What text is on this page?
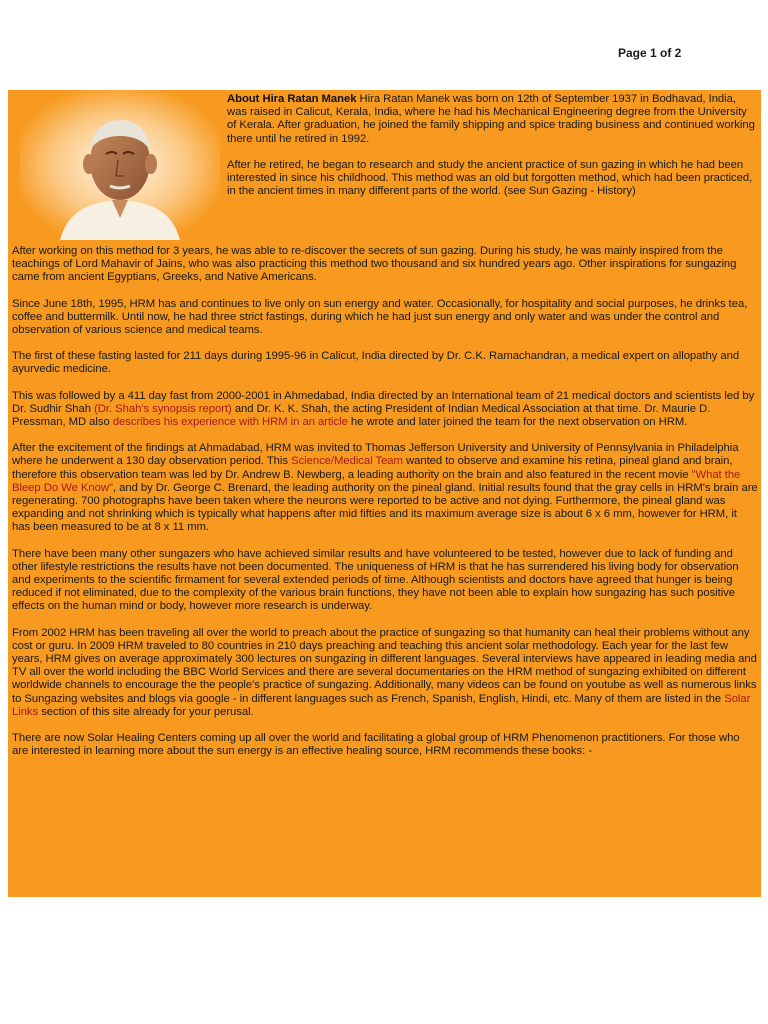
Page 1 of 2

About Hira Ratan Manek Hira Ratan Manek was born on 12th of September 1937 in Bodhavad, India, was raised in Calicut, Kerala, India, where he had his Mechanical Engineering degree from the University of Kerala. After graduation, he joined the family shipping and spice trading business and continued working there until he retired in 1992.

After he retired, he began to research and study the ancient practice of sun gazing in which he had been interested in since his childhood. This method was an old but forgotten method, which had been practiced, in the ancient times in many different parts of the world. (see Sun Gazing - History)

After working on this method for 3 years, he was able to re-discover the secrets of sun gazing. During his study, he was mainly inspired from the teachings of Lord Mahavir of Jains, who was also practicing this method two thousand and six hundred years ago. Other inspirations for sungazing came from ancient Egyptians, Greeks, and Native Americans.

Since June 18th, 1995, HRM has and continues to live only on sun energy and water. Occasionally, for hospitality and social purposes, he drinks tea, coffee and buttermilk. Until now, he had three strict fastings, during which he had just sun energy and only water and was under the control and observation of various science and medical teams.

The first of these fasting lasted for 211 days during 1995-96 in Calicut, India directed by Dr. C.K. Ramachandran, a medical expert on allopathy and ayurvedic medicine.

This was followed by a 411 day fast from 2000-2001 in Ahmedabad, India directed by an International team of 21 medical doctors and scientists led by Dr. Sudhir Shah (Dr. Shah's synopsis report) and Dr. K. K. Shah, the acting President of Indian Medical Association at that time. Dr. Maurie D. Pressman, MD also describes his experience with HRM in an article he wrote and later joined the team for the next observation on HRM.

After the excitement of the findings at Ahmadabad, HRM was invited to Thomas Jefferson University and University of Pennsylvania in Philadelphia where he underwent a 130 day observation period. This Science/Medical Team wanted to observe and examine his retina, pineal gland and brain, therefore this observation team was led by Dr. Andrew B. Newberg, a leading authority on the brain and also featured in the recent movie "What the Bleep Do We Know", and by Dr. George C. Brenard, the leading authority on the pineal gland. Initial results found that the gray cells in HRM's brain are regenerating. 700 photographs have been taken where the neurons were reported to be active and not dying. Furthermore, the pineal gland was expanding and not shrinking which is typically what happens after mid fifties and its maximum average size is about 6 x 6 mm, however for HRM, it has been measured to be at 8 x 11 mm.

There have been many other sungazers who have achieved similar results and have volunteered to be tested, however due to lack of funding and other lifestyle restrictions the results have not been documented. The uniqueness of HRM is that he has surrendered his living body for observation and experiments to the scientific firmament for several extended periods of time. Although scientists and doctors have agreed that hunger is being reduced if not eliminated, due to the complexity of the various brain functions, they have not been able to explain how sungazing has such positive effects on the human mind or body, however more research is underway.

From 2002 HRM has been traveling all over the world to preach about the practice of sungazing so that humanity can heal their problems without any cost or guru. In 2009 HRM traveled to 80 countries in 210 days preaching and teaching this ancient solar methodology. Each year for the last few years, HRM gives on average approximately 300 lectures on sungazing in different languages. Several interviews have appeared in leading media and TV all over the world including the BBC World Services and there are several documentaries on the HRM method of sungazing exhibited on different worldwide channels to encourage the the people's practice of sungazing. Additionally, many videos can be found on youtube as well as numerous links to Sungazing websites and blogs via google - in different languages such as French, Spanish, English, Hindi, etc. Many of them are listed in the Solar Links section of this site already for your perusal.

There are now Solar Healing Centers coming up all over the world and facilitating a global group of HRM Phenomenon practitioners. For those who are interested in learning more about the sun energy is an effective healing source, HRM recommends these books: -
